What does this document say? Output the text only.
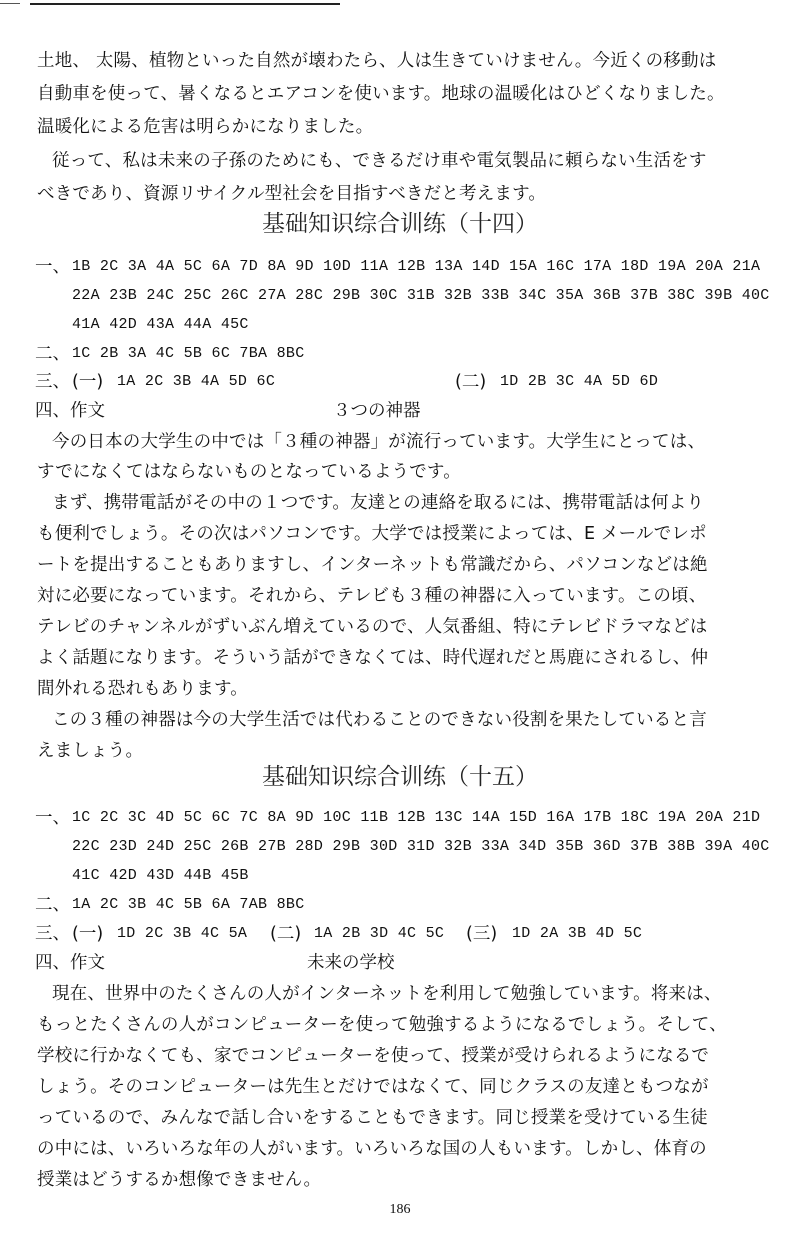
土地、 太陽、植物といった自然が壊わたら、人は生きていけません。今近くの移動は
自動車を使って、暑くなるとエアコンを使います。地球の温暖化はひどくなりました。
温暖化による危害は明らかになりました。
従って、私は未来の子孫のためにも、できるだけ車や電気製品に頼らない生活をす
べきであり、資源リサイクル型社会を目指すべきだと考えます。
基础知识综合训练（十四）
一、 1B 2C 3A 4A 5C 6A 7D 8A 9D 10D 11A 12B 13A 14D 15A 16C 17A 18D 19A 20A 21A
22A 23B 24C 25C 26C 27A 28C 29B 30C 31B 32B 33B 34C 35A 36B 37B 38C 39B 40C
41A 42D 43A 44A 45C
二、 1C 2B 3A 4C 5B 6C 7BA 8BC
三、 (一) 1A 2C 3B 4A 5D 6C	(二) 1D 2B 3C 4A 5D 6D
四、作文	３つの神器
今の日本の大学生の中では「３種の神器」が流行っています。大学生にとっては、
すでになくてはならないものとなっているようです。
まず、携帯電話がその中の１つです。友達との連絡を取るには、携帯電話は何より
も便利でしょう。その次はパソコンです。大学では授業によっては、E メールでレポ
ートを提出することもありますし、インターネットも常識だから、パソコンなどは絶
対に必要になっています。それから、テレビも３種の神器に入っています。この頃、
テレビのチャンネルがずいぶん増えているので、人気番組、特にテレビドラマなどは
よく話題になります。そういう話ができなくては、時代遅れだと馬鹿にされるし、仲
間外れる恐れもあります。
この３種の神器は今の大学生活では代わることのできない役割を果たしていると言
えましょう。
基础知识综合训练（十五）
一、 1C 2C 3C 4D 5C 6C 7C 8A 9D 10C 11B 12B 13C 14A 15D 16A 17B 18C 19A 20A 21D
22C 23D 24D 25C 26B 27B 28D 29B 30D 31D 32B 33A 34D 35B 36D 37B 38B 39A 40C
41C 42D 43D 44B 45B
二、 1A 2C 3B 4C 5B 6A 7AB 8BC
三、 (一) 1D 2C 3B 4C 5A (二) 1A 2B 3D 4C 5C (三) 1D 2A 3B 4D 5C
四、作文	未来の学校
現在、世界中のたくさんの人がインターネットを利用して勉強しています。将来は、
もっとたくさんの人がコンピューターを使って勉強するようになるでしょう。そして、
学校に行かなくても、家でコンピューターを使って、授業が受けられるようになるで
しょう。そのコンピューターは先生とだけではなくて、同じクラスの友達ともつなが
っているので、みんなで話し合いをすることもできます。同じ授業を受けている生徒
の中には、いろいろな年の人がいます。いろいろな国の人もいます。しかし、体育の
授業はどうするか想像できません。
186
